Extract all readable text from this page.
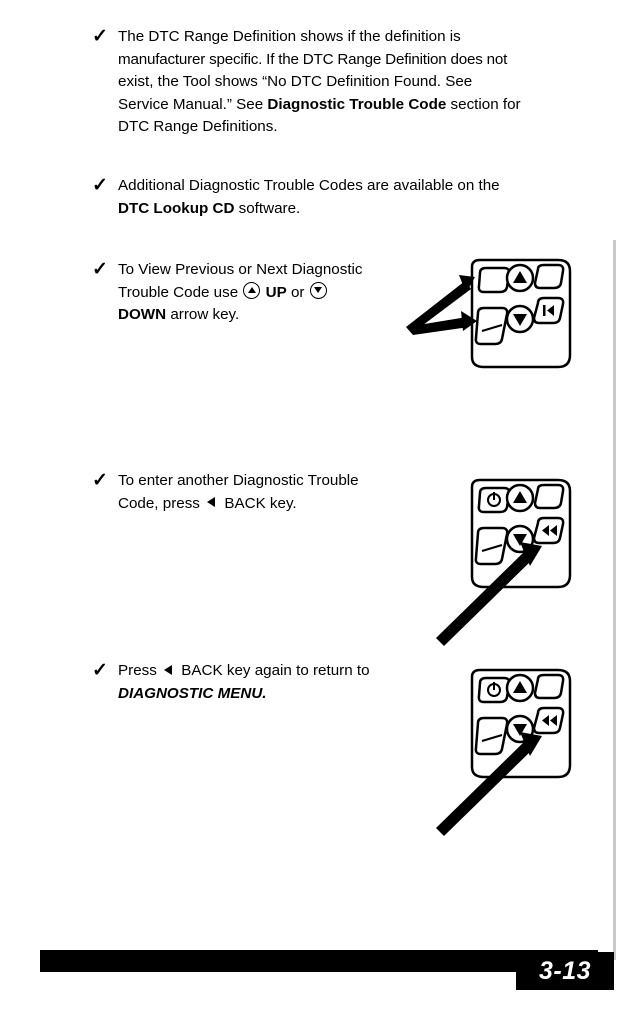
✓ The DTC Range Definition shows if the definition is
manufacturer specific. If the DTC Range Definition does not
exist, the Tool shows “No DTC Definition Found. See
Service Manual.” See Diagnostic Trouble Code section for
DTC Range Definitions.
✓ Additional Diagnostic Trouble Codes are available on the
DTC Lookup CD software.
✓ To View Previous or Next Diagnostic
Trouble Code use  UP or
DOWN arrow key.
✓ To enter another Diagnostic Trouble
Code, press  BACK key.
✓ Press  BACK key again to return to
DIAGNOSTIC MENU.
3-13
